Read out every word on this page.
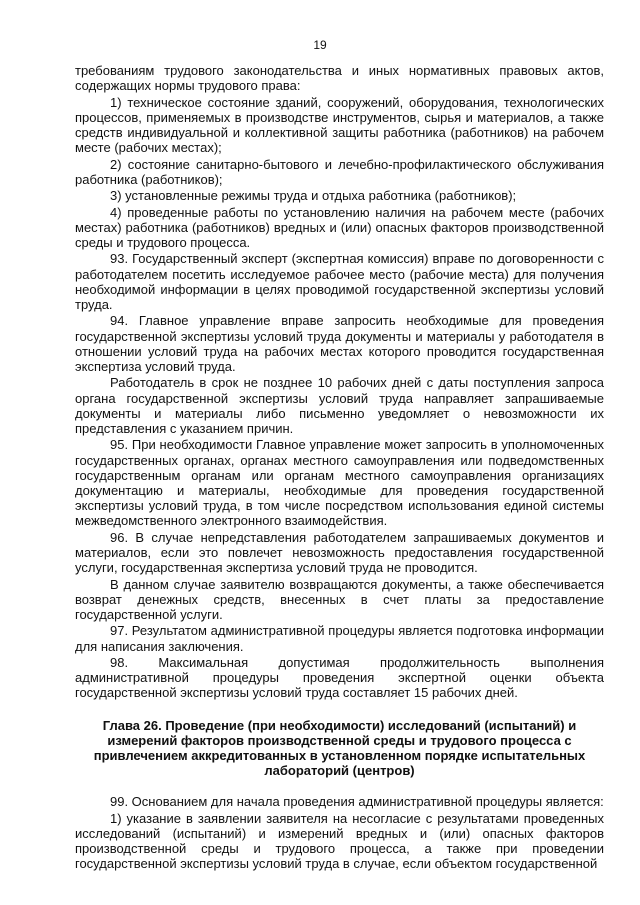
19

требованиям трудового законодательства и иных нормативных правовых актов, содержащих нормы трудового права:

1) техническое состояние зданий, сооружений, оборудования, технологических процессов, применяемых в производстве инструментов, сырья и материалов, а также средств индивидуальной и коллективной защиты работника (работников) на рабочем месте (рабочих местах);

2) состояние санитарно-бытового и лечебно-профилактического обслуживания работника (работников);

3) установленные режимы труда и отдыха работника (работников);

4) проведенные работы по установлению наличия на рабочем месте (рабочих местах) работника (работников) вредных и (или) опасных факторов производственной среды и трудового процесса.

93. Государственный эксперт (экспертная комиссия) вправе по договоренности с работодателем посетить исследуемое рабочее место (рабочие места) для получения необходимой информации в целях проводимой государственной экспертизы условий труда.

94. Главное управление вправе запросить необходимые для проведения государственной экспертизы условий труда документы и материалы у работодателя в отношении условий труда на рабочих местах которого проводится государственная экспертиза условий труда.

Работодатель в срок не позднее 10 рабочих дней с даты поступления запроса органа государственной экспертизы условий труда направляет запрашиваемые документы и материалы либо письменно уведомляет о невозможности их представления с указанием причин.

95. При необходимости Главное управление может запросить в уполномоченных государственных органах, органах местного самоуправления или подведомственных государственным органам или органам местного самоуправления организациях документацию и материалы, необходимые для проведения государственной экспертизы условий труда, в том числе посредством использования единой системы межведомственного электронного взаимодействия.

96. В случае непредставления работодателем запрашиваемых документов и материалов, если это повлечет невозможность предоставления государственной услуги, государственная экспертиза условий труда не проводится.

В данном случае заявителю возвращаются документы, а также обеспечивается возврат денежных средств, внесенных в счет платы за предоставление государственной услуги.

97. Результатом административной процедуры является подготовка информации для написания заключения.

98. Максимальная допустимая продолжительность выполнения административной процедуры проведения экспертной оценки объекта государственной экспертизы условий труда составляет 15 рабочих дней.

Глава 26. Проведение (при необходимости) исследований (испытаний) и измерений факторов производственной среды и трудового процесса с привлечением аккредитованных в установленном порядке испытательных лабораторий (центров)

99. Основанием для начала проведения административной процедуры является:

1) указание в заявлении заявителя на несогласие с результатами проведенных исследований (испытаний) и измерений вредных и (или) опасных факторов производственной среды и трудового процесса, а также при проведении государственной экспертизы условий труда в случае, если объектом государственной
